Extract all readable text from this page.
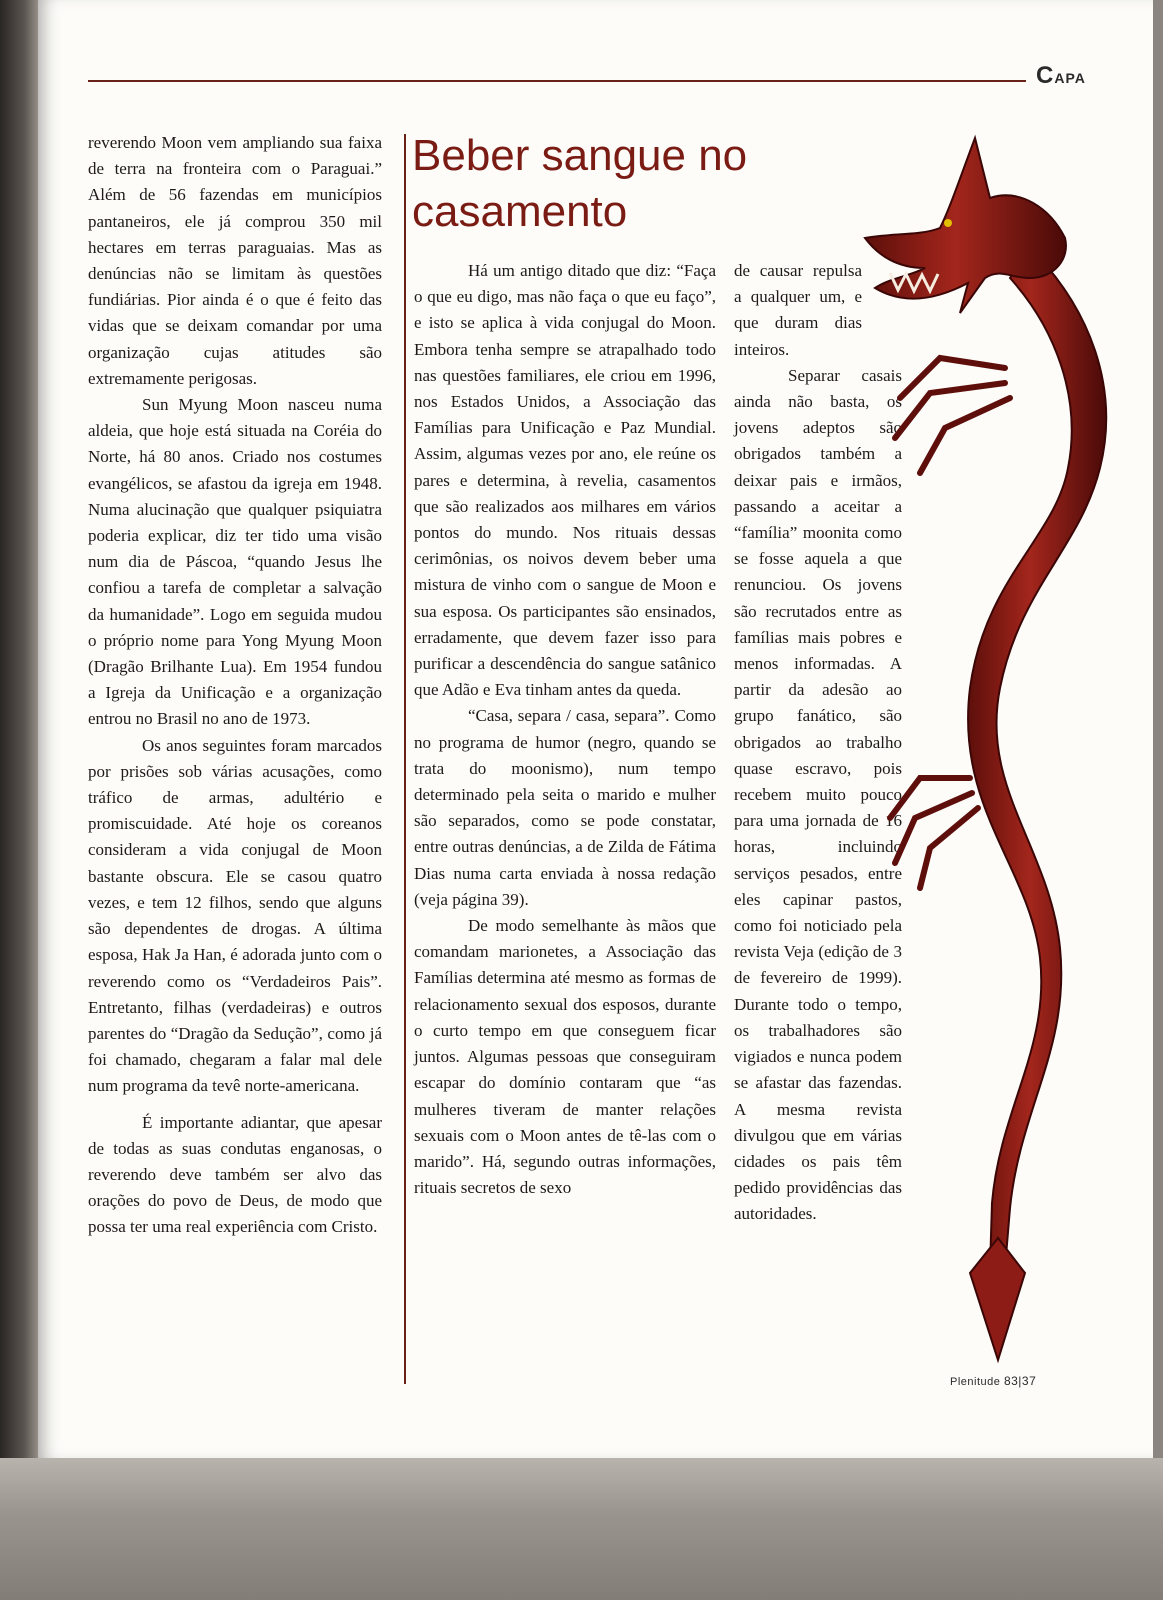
CAPA

reverendo Moon vem ampliando sua faixa de terra na fronteira com o Paraguai.” Além de 56 fazendas em municípios pantaneiros, ele já comprou 350 mil hectares em terras paraguaias. Mas as denúncias não se limitam às questões fundiárias. Pior ainda é o que é feito das vidas que se deixam comandar por uma organização cujas atitudes são extremamente perigosas.

Sun Myung Moon nasceu numa aldeia, que hoje está situada na Coréia do Norte, há 80 anos. Criado nos costumes evangélicos, se afastou da igreja em 1948. Numa alucinação que qualquer psiquiatra poderia explicar, diz ter tido uma visão num dia de Páscoa, “quando Jesus lhe confiou a tarefa de completar a salvação da humanidade”. Logo em seguida mudou o próprio nome para Yong Myung Moon (Dragão Brilhante Lua). Em 1954 fundou a Igreja da Unificação e a organização entrou no Brasil no ano de 1973.

Os anos seguintes foram marcados por prisões sob várias acusações, como tráfico de armas, adultério e promiscuidade. Até hoje os coreanos consideram a vida conjugal de Moon bastante obscura. Ele se casou quatro vezes, e tem 12 filhos, sendo que alguns são dependentes de drogas. A última esposa, Hak Ja Han, é adorada junto com o reverendo como os “Verdadeiros Pais”. Entretanto, filhas (verdadeiras) e outros parentes do “Dragão da Sedução”, como já foi chamado, chegaram a falar mal dele num programa da tevê norte-americana.

É importante adiantar, que apesar de todas as suas condutas enganosas, o reverendo deve também ser alvo das orações do povo de Deus, de modo que possa ter uma real experiência com Cristo.

Beber sangue no casamento

Há um antigo ditado que diz: “Faça o que eu digo, mas não faça o que eu faço”, e isto se aplica à vida conjugal do Moon. Embora tenha sempre se atrapalhado todo nas questões familiares, ele criou em 1996, nos Estados Unidos, a Associação das Famílias para Unificação e Paz Mundial. Assim, algumas vezes por ano, ele reúne os pares e determina, à revelia, casamentos que são realizados aos milhares em vários pontos do mundo. Nos rituais dessas cerimônias, os noivos devem beber uma mistura de vinho com o sangue de Moon e sua esposa. Os participantes são ensinados, erradamente, que devem fazer isso para purificar a descendência do sangue satânico que Adão e Eva tinham antes da queda.

“Casa, separa / casa, separa”. Como no programa de humor (negro, quando se trata do moonismo), num tempo determinado pela seita o marido e mulher são separados, como se pode constatar, entre outras denúncias, a de Zilda de Fátima Dias numa carta enviada à nossa redação (veja página 39).

De modo semelhante às mãos que comandam marionetes, a Associação das Famílias determina até mesmo as formas de relacionamento sexual dos esposos, durante o curto tempo em que conseguem ficar juntos. Algumas pessoas que conseguiram escapar do domínio contaram que “as mulheres tiveram de manter relações sexuais com o Moon antes de tê-las com o marido”. Há, segundo outras informações, rituais secretos de sexo

de causar repulsa a qualquer um, e que duram dias inteiros.

Separar casais ainda não basta, os jovens adeptos são obrigados também a deixar pais e irmãos, passando a aceitar a “família” moonita como se fosse aquela a que renunciou. Os jovens são recrutados entre as famílias mais pobres e menos informadas. A partir da adesão ao grupo fanático, são obrigados ao trabalho quase escravo, pois recebem muito pouco para uma jornada de 16 horas, incluindo serviços pesados, entre eles capinar pastos, como foi noticiado pela revista Veja (edição de 3 de fevereiro de 1999). Durante todo o tempo, os trabalhadores são vigiados e nunca podem se afastar das fazendas. A mesma revista divulgou que em várias cidades os pais têm pedido providências das autoridades.

Plenitude 83|37
